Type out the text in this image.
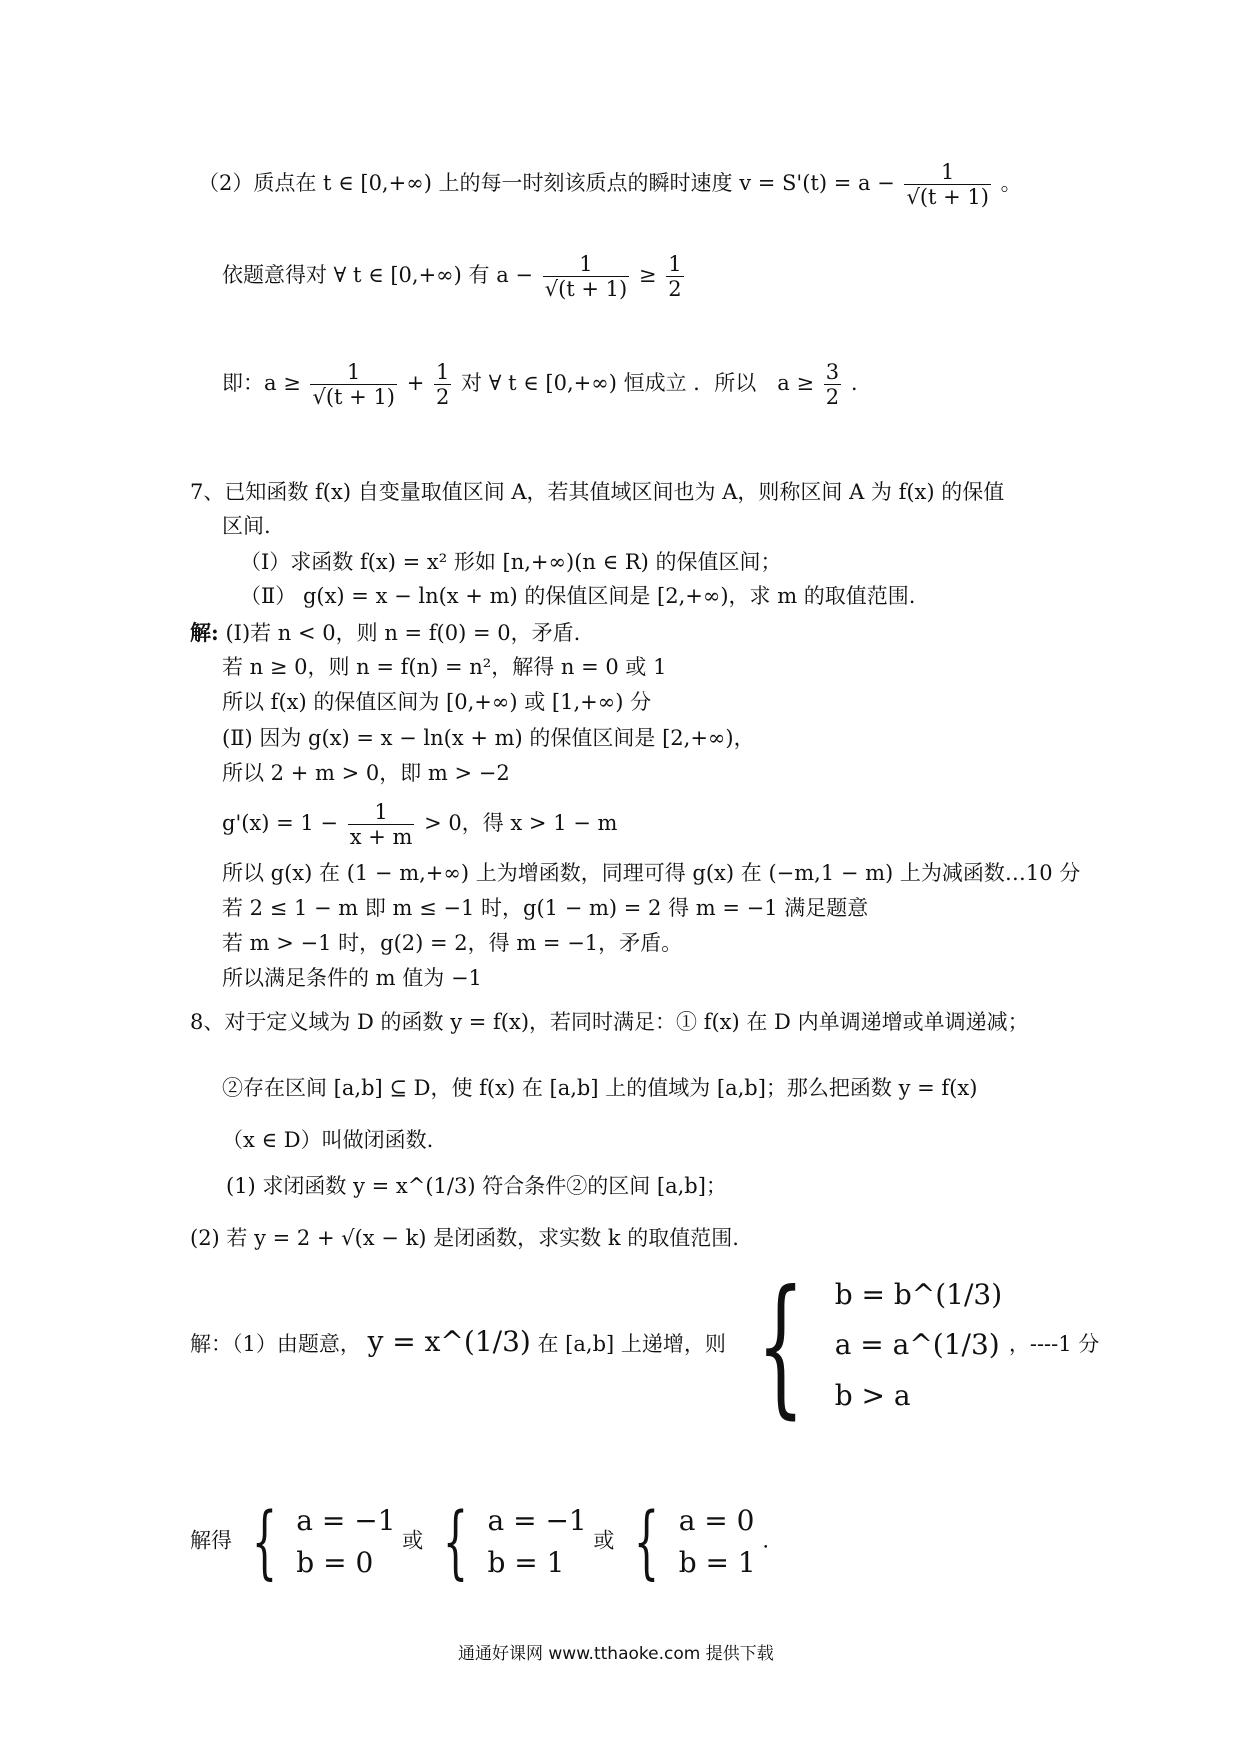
（2）质点在 t ∈ [0,+∞) 上的每一时刻该质点的瞬时速度 $v = S'(t) = a - \frac{1}{√(t + 1)}$ 。
依题意得对 ∀ t ∈ [0,+∞) 有 $a - \frac{1}{√(t + 1)} \ge \frac{1}{2}$
即：$a \ge \frac{1}{√(t + 1)} + \frac{1}{2}$ 对 ∀ t ∈ [0,+∞) 恒成立 ．所以　$a \ge \frac{3}{2}$ .
7、已知函数 f(x) 自变量取值区间 A，若其值域区间也为 A，则称区间 A 为 f(x) 的保值
区间.
（Ⅰ）求函数 f(x) = x² 形如 [n,+∞)(n ∈ R) 的保值区间；
（Ⅱ） g(x) = x − ln(x + m) 的保值区间是 [2,+∞)，求 m 的取值范围.
解: (Ⅰ)若 n < 0，则 n = f(0) = 0，矛盾.
若 n ≥ 0，则 n = f(n) = n²，解得 n = 0 或 1
所以 f(x) 的保值区间为 [0,+∞) 或 [1,+∞) 分
(Ⅱ) 因为 g(x) = x − ln(x + m) 的保值区间是 [2,+∞)，
所以 2 + m > 0，即 m > −2
$g'(x) = 1 - \frac{1}{x + m} > 0$，得 x > 1 − m
所以 g(x) 在 (1 − m,+∞) 上为增函数，同理可得 g(x) 在 (−m,1 − m) 上为减函数…10 分
若 2 ≤ 1 − m 即 m ≤ −1 时，g(1 − m) = 2 得 m = −1 满足题意
若 m > −1 时，g(2) = 2，得 m = −1，矛盾。
所以满足条件的 m 值为 −1
8、对于定义域为 D 的函数 y = f(x)，若同时满足：① f(x) 在 D 内单调递增或单调递减；
②存在区间 [a,b] ⊆ D，使 f(x) 在 [a,b] 上的值域为 [a,b]；那么把函数 y = f(x)
（x ∈ D）叫做闭函数.
(1) 求闭函数 y = x^(1/3) 符合条件②的区间 [a,b]；
(2) 若 y = 2 + √(x − k) 是闭函数，求实数 k 的取值范围.
解：（1）由题意， y = x^(1/3) 在 [a,b] 上递增，则 { b = b^(1/3)
a = a^(1/3)
b > a
，----1 分
解得 { a = −1
b = 0
或 { a = −1
b = 1
或 { a = 0
b = 1
.
通通好课网 www.tthaoke.com 提供下载
